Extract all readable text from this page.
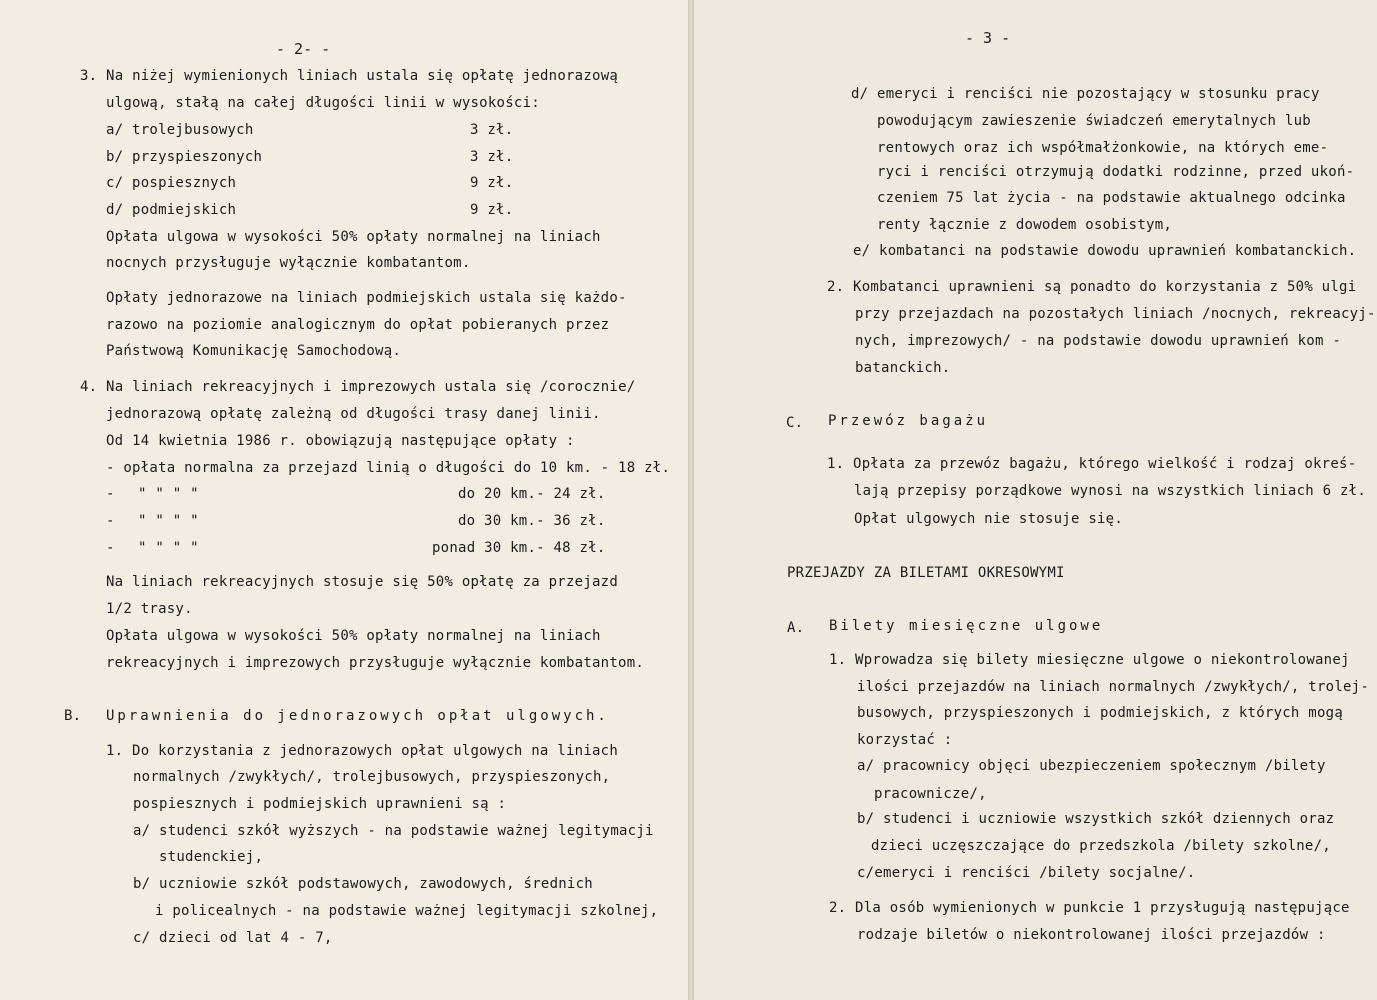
- 2- -
3. Na niżej wymienionych liniach ustala się opłatę jednorazową
ulgową, stałą na całej długości linii w wysokości:
a/ trolejbusowych	3 zł.
b/ przyspieszonych	3 zł.
c/ pospiesznych	9 zł.
d/ podmiejskich	9 zł.
Opłata ulgowa w wysokości 50% opłaty normalnej na liniach
nocnych przysługuje wyłącznie kombatantom.
Opłaty jednorazowe na liniach podmiejskich ustala się każdo-
razowo na poziomie analogicznym do opłat pobieranych przez
Państwową Komunikację Samochodową.
4. Na liniach rekreacyjnych i imprezowych ustala się /corocznie/
jednorazową opłatę zależną od długości trasy danej linii.
Od 14 kwietnia 1986 r. obowiązują następujące opłaty :
- opłata normalna za przejazd linią o długości do 10 km. - 18 zł.
- " " " "	do 20 km.- 24 zł.
- " " " "	do 30 km.- 36 zł.
- " " " "	ponad 30 km.- 48 zł.
Na liniach rekreacyjnych stosuje się 50% opłatę za przejazd
1/2 trasy.
Opłata ulgowa w wysokości 50% opłaty normalnej na liniach
rekreacyjnych i imprezowych przysługuje wyłącznie kombatantom.
B. Uprawnienia do jednorazowych opłat ulgowych.
1. Do korzystania z jednorazowych opłat ulgowych na liniach
normalnych /zwykłych/, trolejbusowych, przyspieszonych,
pospiesznych i podmiejskich uprawnieni są :
a/ studenci szkół wyższych - na podstawie ważnej legitymacji
studenckiej,
b/ uczniowie szkół podstawowych, zawodowych, średnich
i policealnych - na podstawie ważnej legitymacji szkolnej,
c/ dzieci od lat 4 - 7,
- 3 -
d/ emeryci i renciści nie pozostający w stosunku pracy
powodującym zawieszenie świadczeń emerytalnych lub
rentowych oraz ich współmałżonkowie, na których eme-
ryci i renciści otrzymują dodatki rodzinne, przed ukoń-
czeniem 75 lat życia - na podstawie aktualnego odcinka
renty łącznie z dowodem osobistym,
e/ kombatanci na podstawie dowodu uprawnień kombatanckich.
2. Kombatanci uprawnieni są ponadto do korzystania z 50% ulgi
przy przejazdach na pozostałych liniach /nocnych, rekreacyj-
nych, imprezowych/ - na podstawie dowodu uprawnień kom -
batanckich.
C. Przewóz bagażu
1. Opłata za przewóz bagażu, którego wielkość i rodzaj okreś-
lają przepisy porządkowe wynosi na wszystkich liniach 6 zł.
Opłat ulgowych nie stosuje się.
PRZEJAZDY ZA BILETAMI OKRESOWYMI
A. Bilety miesięczne ulgowe
1. Wprowadza się bilety miesięczne ulgowe o niekontrolowanej
ilości przejazdów na liniach normalnych /zwykłych/, trolej-
busowych, przyspieszonych i podmiejskich, z których mogą
korzystać :
a/ pracownicy objęci ubezpieczeniem społecznym /bilety
pracownicze/,
b/ studenci i uczniowie wszystkich szkół dziennych oraz
dzieci uczęszczające do przedszkola /bilety szkolne/,
c/emeryci i renciści /bilety socjalne/.
2. Dla osób wymienionych w punkcie 1 przysługują następujące
rodzaje biletów o niekontrolowanej ilości przejazdów :
